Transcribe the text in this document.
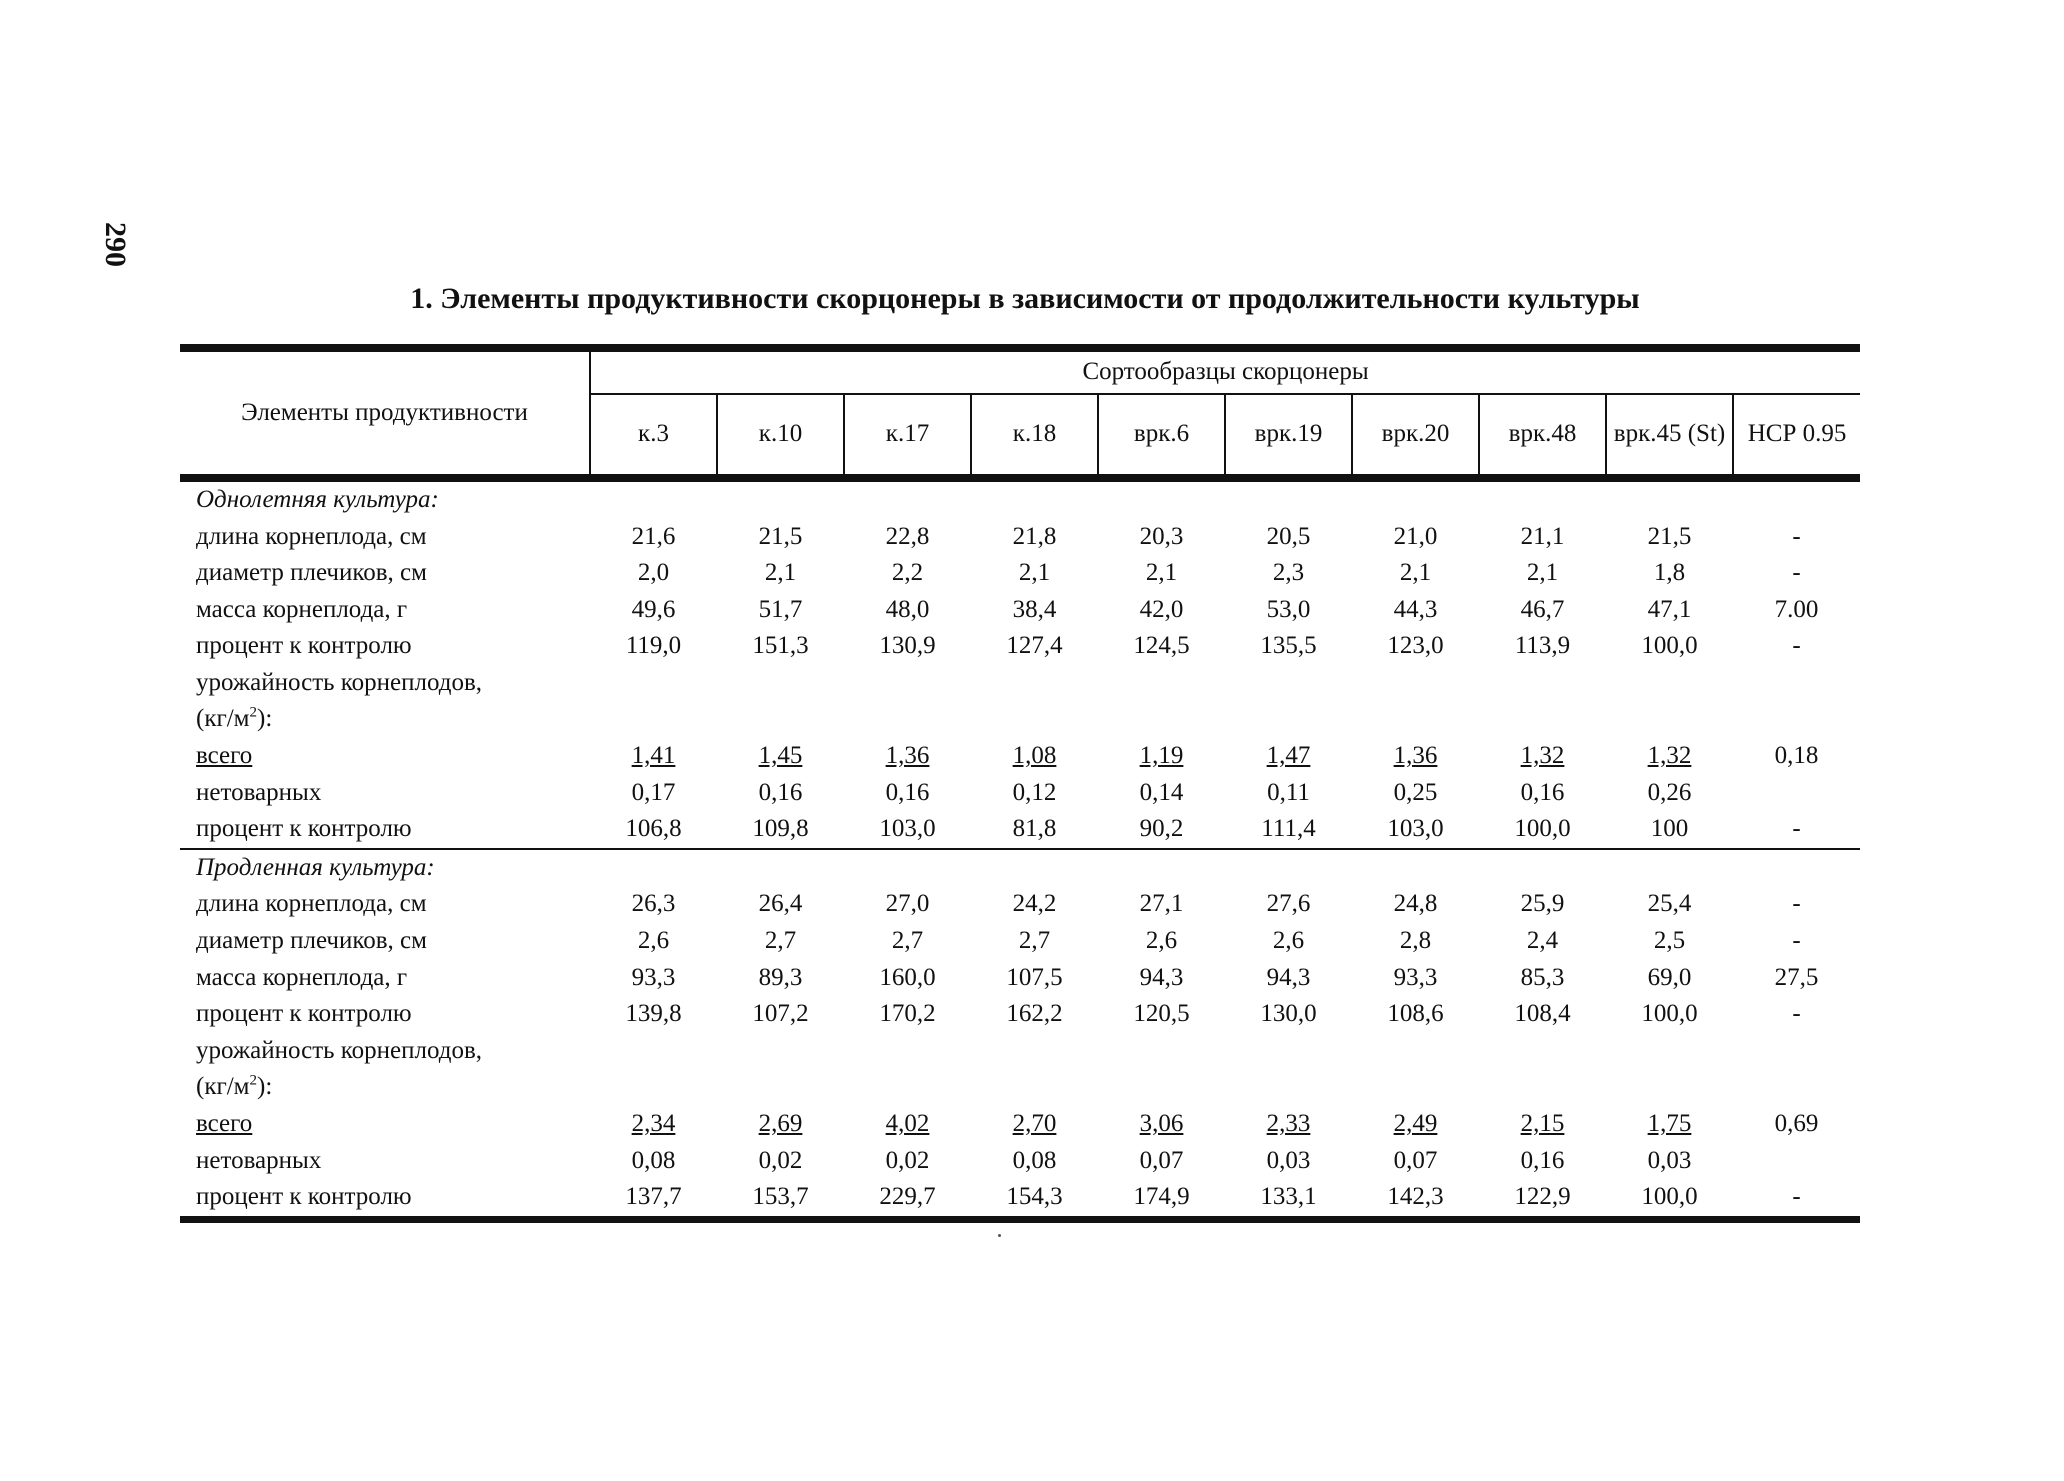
290
1. Элементы продуктивности скорцонеры в зависимости от продолжительности культуры
Элементы продуктивности	Сортообразцы скорцонеры									
	к.3	к.10	к.17	к.18	врк.6	врк.19	врк.20	врк.48	врк.45 (St)	НСР 0.95
Однолетняя культура:										
длина корнеплода, см	21,6	21,5	22,8	21,8	20,3	20,5	21,0	21,1	21,5	-
диаметр плечиков, см	2,0	2,1	2,2	2,1	2,1	2,3	2,1	2,1	1,8	-
масса корнеплода, г	49,6	51,7	48,0	38,4	42,0	53,0	44,3	46,7	47,1	7.00
процент к контролю	119,0	151,3	130,9	127,4	124,5	135,5	123,0	113,9	100,0	-
урожайность корнеплодов,										
$(кг/м^2)$:										
всего	1,41	1,45	1,36	1,08	1,19	1,47	1,36	1,32	1,32	0,18
нетоварных	0,17	0,16	0,16	0,12	0,14	0,11	0,25	0,16	0,26	
процент к контролю	106,8	109,8	103,0	81,8	90,2	111,4	103,0	100,0	100	-
Продленная культура:										
длина корнеплода, см	26,3	26,4	27,0	24,2	27,1	27,6	24,8	25,9	25,4	-
диаметр плечиков, см	2,6	2,7	2,7	2,7	2,6	2,6	2,8	2,4	2,5	-
масса корнеплода, г	93,3	89,3	160,0	107,5	94,3	94,3	93,3	85,3	69,0	27,5
процент к контролю	139,8	107,2	170,2	162,2	120,5	130,0	108,6	108,4	100,0	-
урожайность корнеплодов,										
$(кг/м^2)$:										
всего	2,34	2,69	4,02	2,70	3,06	2,33	2,49	2,15	1,75	0,69
нетоварных	0,08	0,02	0,02	0,08	0,07	0,03	0,07	0,16	0,03	
процент к контролю	137,7	153,7	229,7	154,3	174,9	133,1	142,3	122,9	100,0	-
